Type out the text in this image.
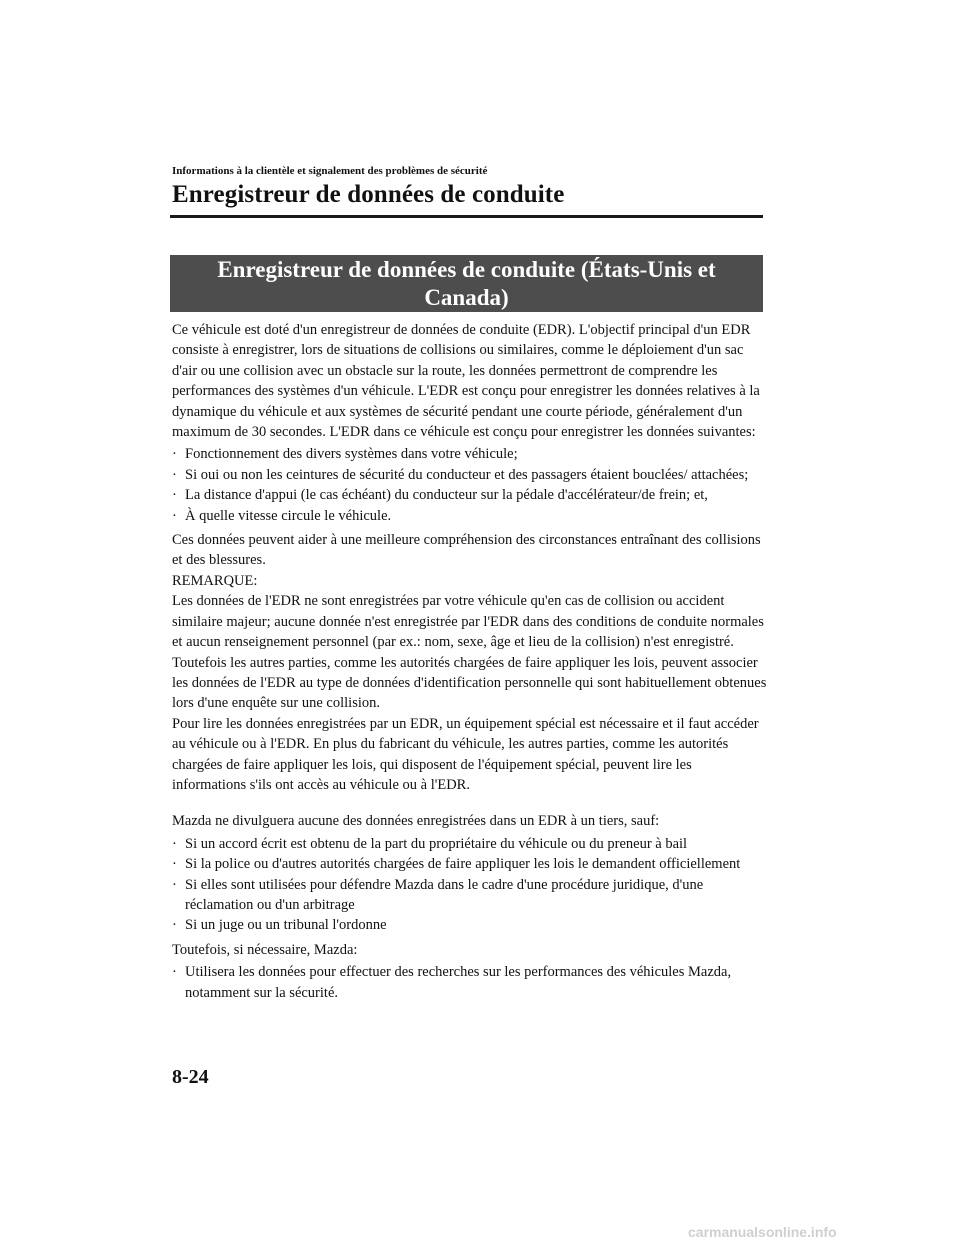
Informations à la clientèle et signalement des problèmes de sécurité
Enregistreur de données de conduite
Enregistreur de données de conduite (États-Unis et
Canada)

Ce véhicule est doté d'un enregistreur de données de conduite (EDR). L'objectif principal d'un EDR consiste à enregistrer, lors de situations de collisions ou similaires, comme le déploiement d'un sac d'air ou une collision avec un obstacle sur la route, les données permettront de comprendre les performances des systèmes d'un véhicule. L'EDR est conçu pour enregistrer les données relatives à la dynamique du véhicule et aux systèmes de sécurité pendant une courte période, généralement d'un maximum de 30 secondes. L'EDR dans ce véhicule est conçu pour enregistrer les données suivantes:

· Fonctionnement des divers systèmes dans votre véhicule;
· Si oui ou non les ceintures de sécurité du conducteur et des passagers étaient bouclées/ attachées;
· La distance d'appui (le cas échéant) du conducteur sur la pédale d'accélérateur/de frein; et,
· À quelle vitesse circule le véhicule.

Ces données peuvent aider à une meilleure compréhension des circonstances entraînant des collisions et des blessures.

REMARQUE:

Les données de l'EDR ne sont enregistrées par votre véhicule qu'en cas de collision ou accident similaire majeur; aucune donnée n'est enregistrée par l'EDR dans des conditions de conduite normales et aucun renseignement personnel (par ex.: nom, sexe, âge et lieu de la collision) n'est enregistré. Toutefois les autres parties, comme les autorités chargées de faire appliquer les lois, peuvent associer les données de l'EDR au type de données d'identification personnelle qui sont habituellement obtenues lors d'une enquête sur une collision.

Pour lire les données enregistrées par un EDR, un équipement spécial est nécessaire et il faut accéder au véhicule ou à l'EDR. En plus du fabricant du véhicule, les autres parties, comme les autorités chargées de faire appliquer les lois, qui disposent de l'équipement spécial, peuvent lire les informations s'ils ont accès au véhicule ou à l'EDR.

Mazda ne divulguera aucune des données enregistrées dans un EDR à un tiers, sauf:

· Si un accord écrit est obtenu de la part du propriétaire du véhicule ou du preneur à bail
· Si la police ou d'autres autorités chargées de faire appliquer les lois le demandent officiellement
· Si elles sont utilisées pour défendre Mazda dans le cadre d'une procédure juridique, d'une réclamation ou d'un arbitrage
· Si un juge ou un tribunal l'ordonne

Toutefois, si nécessaire, Mazda:

· Utilisera les données pour effectuer des recherches sur les performances des véhicules Mazda, notamment sur la sécurité.
8-24
carmanualsonline.info
